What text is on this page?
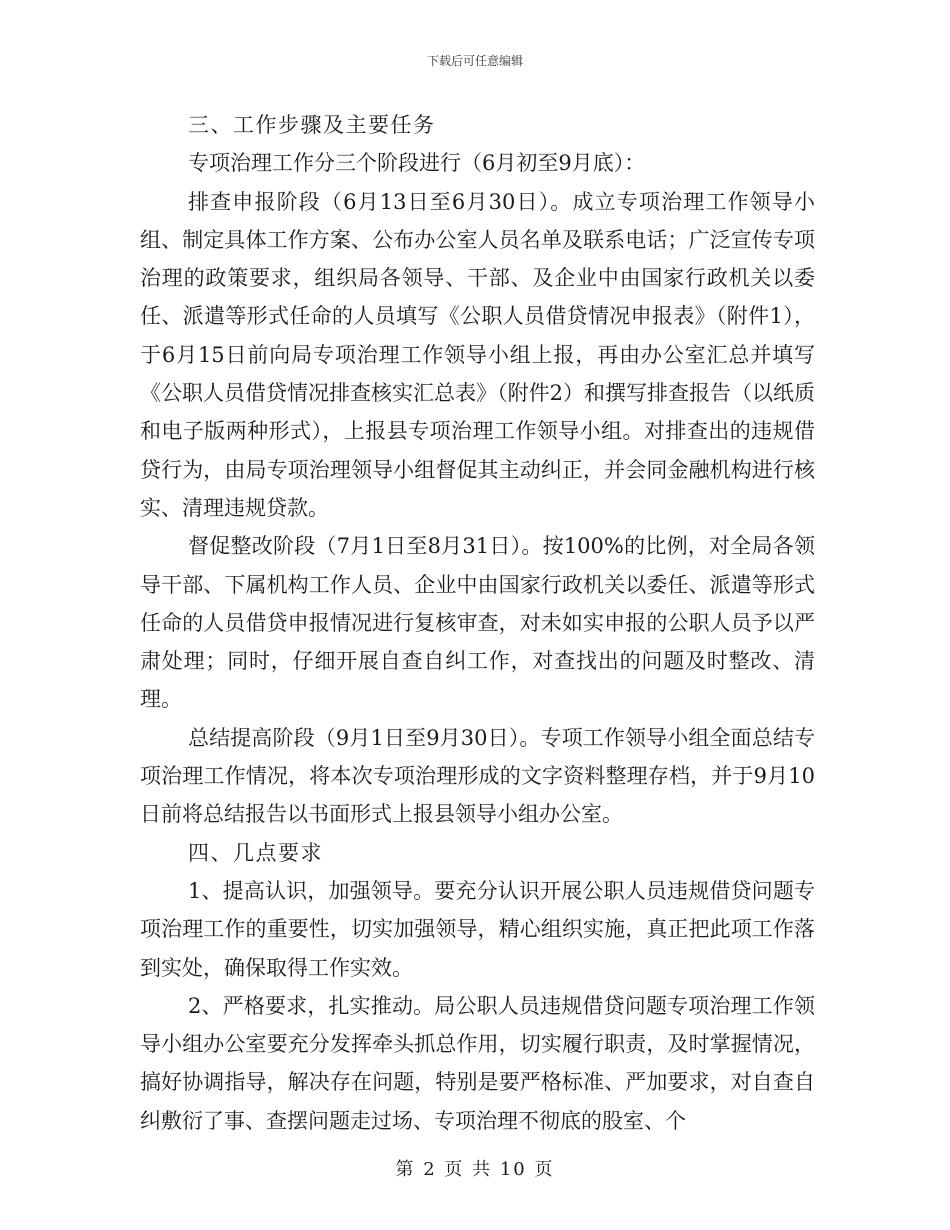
下载后可任意编辑

三、工作步骤及主要任务

专项治理工作分三个阶段进行（6月初至9月底）：

排查申报阶段（6月13日至6月30日）。成立专项治理工作领导小组、制定具体工作方案、公布办公室人员名单及联系电话；广泛宣传专项治理的政策要求，组织局各领导、干部、及企业中由国家行政机关以委任、派遣等形式任命的人员填写《公职人员借贷情况申报表》（附件1），于6月15日前向局专项治理工作领导小组上报，再由办公室汇总并填写《公职人员借贷情况排查核实汇总表》（附件2）和撰写排查报告（以纸质和电子版两种形式），上报县专项治理工作领导小组。对排查出的违规借贷行为，由局专项治理领导小组督促其主动纠正，并会同金融机构进行核实、清理违规贷款。

督促整改阶段（7月1日至8月31日）。按100%的比例，对全局各领导干部、下属机构工作人员、企业中由国家行政机关以委任、派遣等形式任命的人员借贷申报情况进行复核审查，对未如实申报的公职人员予以严肃处理；同时，仔细开展自查自纠工作，对查找出的问题及时整改、清理。

总结提高阶段（9月1日至9月30日）。专项工作领导小组全面总结专项治理工作情况，将本次专项治理形成的文字资料整理存档，并于9月10日前将总结报告以书面形式上报县领导小组办公室。

四、几点要求

1、提高认识，加强领导。要充分认识开展公职人员违规借贷问题专项治理工作的重要性，切实加强领导，精心组织实施，真正把此项工作落到实处，确保取得工作实效。

2、严格要求，扎实推动。局公职人员违规借贷问题专项治理工作领导小组办公室要充分发挥牵头抓总作用，切实履行职责，及时掌握情况，搞好协调指导，解决存在问题，特别是要严格标准、严加要求，对自查自纠敷衍了事、查摆问题走过场、专项治理不彻底的股室、个

第 2 页 共 10 页
